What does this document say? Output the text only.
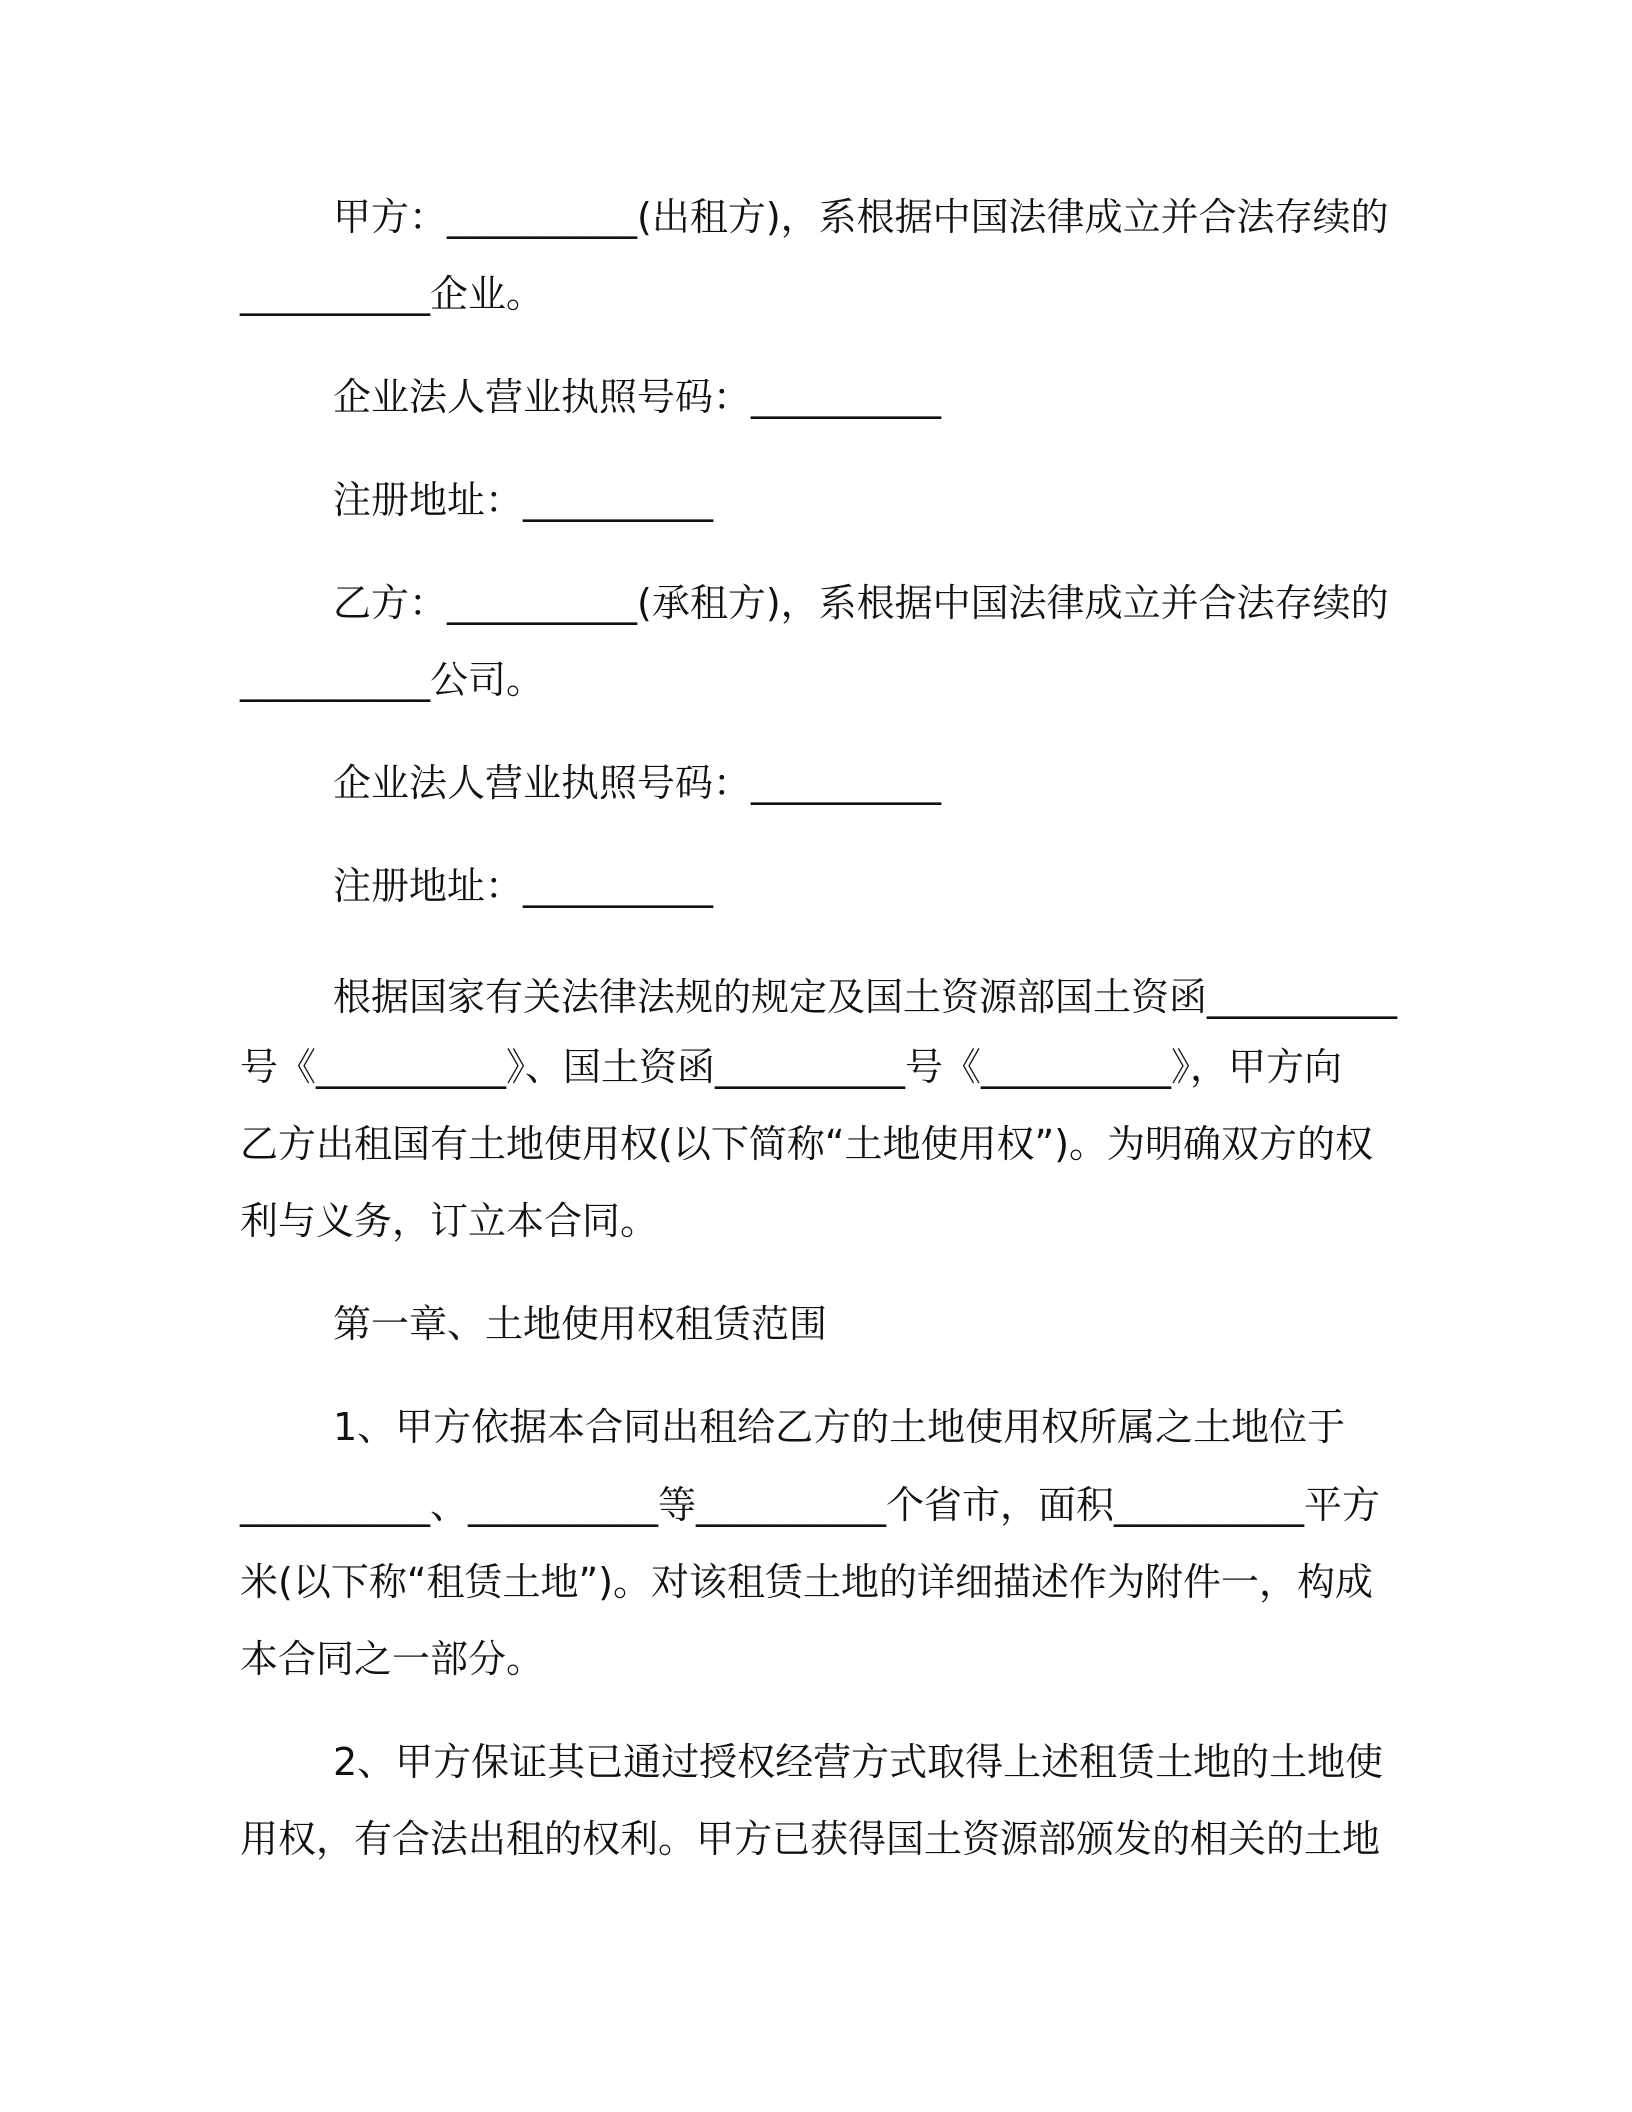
甲方：__________(出租方)，系根据中国法律成立并合法存续的

__________企业。

企业法人营业执照号码：__________

注册地址：__________

乙方：__________(承租方)，系根据中国法律成立并合法存续的

__________公司。

企业法人营业执照号码：__________

注册地址：__________

根据国家有关法律法规的规定及国土资源部国土资函__________

号《__________》、国土资函__________号《__________》，甲方向

乙方出租国有土地使用权(以下简称“土地使用权”)。为明确双方的权

利与义务，订立本合同。

第一章、土地使用权租赁范围

1、甲方依据本合同出租给乙方的土地使用权所属之土地位于

__________、__________等__________个省市，面积__________平方

米(以下称“租赁土地”)。对该租赁土地的详细描述作为附件一，构成

本合同之一部分。

2、甲方保证其已通过授权经营方式取得上述租赁土地的土地使

用权，有合法出租的权利。甲方已获得国土资源部颁发的相关的土地
